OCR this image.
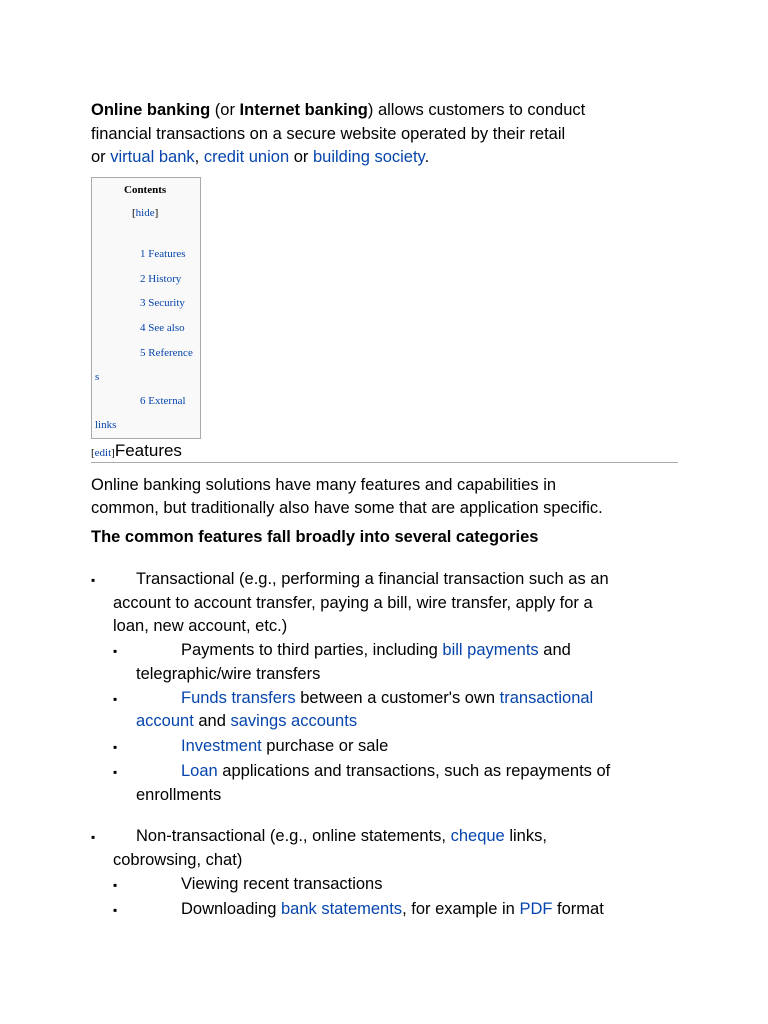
Online banking (or Internet banking) allows customers to conduct
financial transactions on a secure website operated by their retail
or virtual bank, credit union or building society.
Contents
[hide]
1 Features
2 History
3 Security
4 See also
5 Reference
s
6 External
links
[edit]Features
Online banking solutions have many features and capabilities in
common, but traditionally also have some that are application specific.
The common features fall broadly into several categories
▪ Transactional (e.g., performing a financial transaction such as an
account to account transfer, paying a bill, wire transfer, apply for a
loan, new account, etc.)
▪	Payments to third parties, including bill payments and
telegraphic/wire transfers
▪	Funds transfers between a customer's own transactional
account and savings accounts
▪	Investment purchase or sale
▪	Loan applications and transactions, such as repayments of
enrollments
▪ Non-transactional (e.g., online statements, cheque links,
cobrowsing, chat)
▪	Viewing recent transactions
▪	Downloading bank statements, for example in PDF format
